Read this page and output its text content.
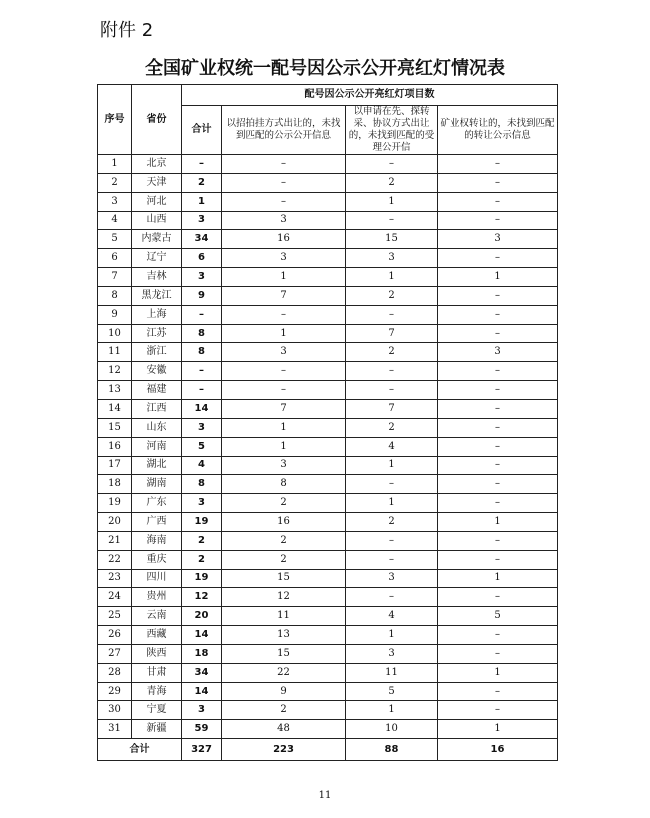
附件 2
全国矿业权统一配号因公示公开亮红灯情况表
序号	省份	配号因公示公开亮红灯项目数			
		合计	以招拍挂方式出让的，未找到匹配的公示公开信息	以申请在先、探转采、协议方式出让的，未找到匹配的受理公开信	矿业权转让的，未找到匹配的转让公示信息
1	北京	–	–	–	–
2	天津	2	–	2	–
3	河北	1	–	1	–
4	山西	3	3	–	–
5	内蒙古	34	16	15	3
6	辽宁	6	3	3	–
7	吉林	3	1	1	1
8	黑龙江	9	7	2	–
9	上海	–	–	–	–
10	江苏	8	1	7	–
11	浙江	8	3	2	3
12	安徽	–	–	–	–
13	福建	–	–	–	–
14	江西	14	7	7	–
15	山东	3	1	2	–
16	河南	5	1	4	–
17	湖北	4	3	1	–
18	湖南	8	8	–	–
19	广东	3	2	1	–
20	广西	19	16	2	1
21	海南	2	2	–	–
22	重庆	2	2	–	–
23	四川	19	15	3	1
24	贵州	12	12	–	–
25	云南	20	11	4	5
26	西藏	14	13	1	–
27	陕西	18	15	3	–
28	甘肃	34	22	11	1
29	青海	14	9	5	–
30	宁夏	3	2	1	–
31	新疆	59	48	10	1
合计		327	223	88	16
11
